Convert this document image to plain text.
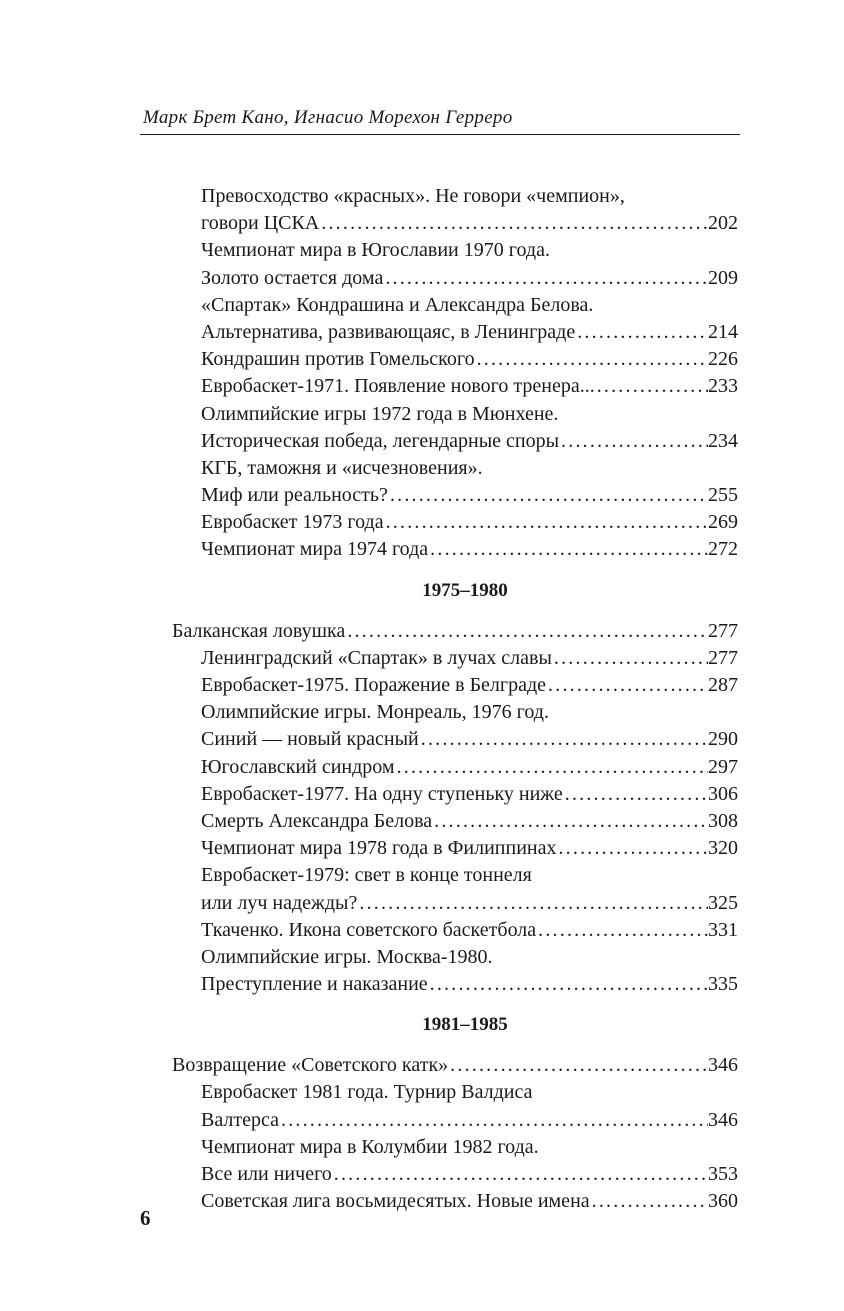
Марк Брет Кано, Игнасио Морехон Герреро
Превосходство «красных». Не говори «чемпион»,
говори ЦСКА .....	202
Чемпионат мира в Югославии 1970 года.
Золото остается дома .....	209
«Спартак» Кондрашина и Александра Белова.
Альтернатива, развивающаяс, в Ленинграде .....	214
Кондрашин против Гомельского .....	226
Евробаскет-1971. Появление нового тренера... .....	233
Олимпийские игры 1972 года в Мюнхене.
Историческая победа, легендарные споры .....	234
КГБ, таможня и «исчезновения».
Миф или реальность? .....	255
Евробаскет 1973 года .....	269
Чемпионат мира 1974 года .....	272
1975–1980
Балканская ловушка .....	277
Ленинградский «Спартак» в лучах славы .....	277
Евробаскет-1975. Поражение в Белграде .....	287
Олимпийские игры. Монреаль, 1976 год.
Синий — новый красный .....	290
Югославский синдром .....	297
Евробаскет-1977. На одну ступеньку ниже .....	306
Смерть Александра Белова .....	308
Чемпионат мира 1978 года в Филиппинах .....	320
Евробаскет-1979: свет в конце тоннеля
или луч надежды? .....	325
Ткаченко. Икона советского баскетбола .....	331
Олимпийские игры. Москва-1980.
Преступление и наказание .....	335
1981–1985
Возвращение «Советского катк» .....	346
Евробаскет 1981 года. Турнир Валдиса
Валтерса .....	346
Чемпионат мира в Колумбии 1982 года.
Все или ничего .....	353
Советская лига восьмидесятых. Новые имена .....	360
6
